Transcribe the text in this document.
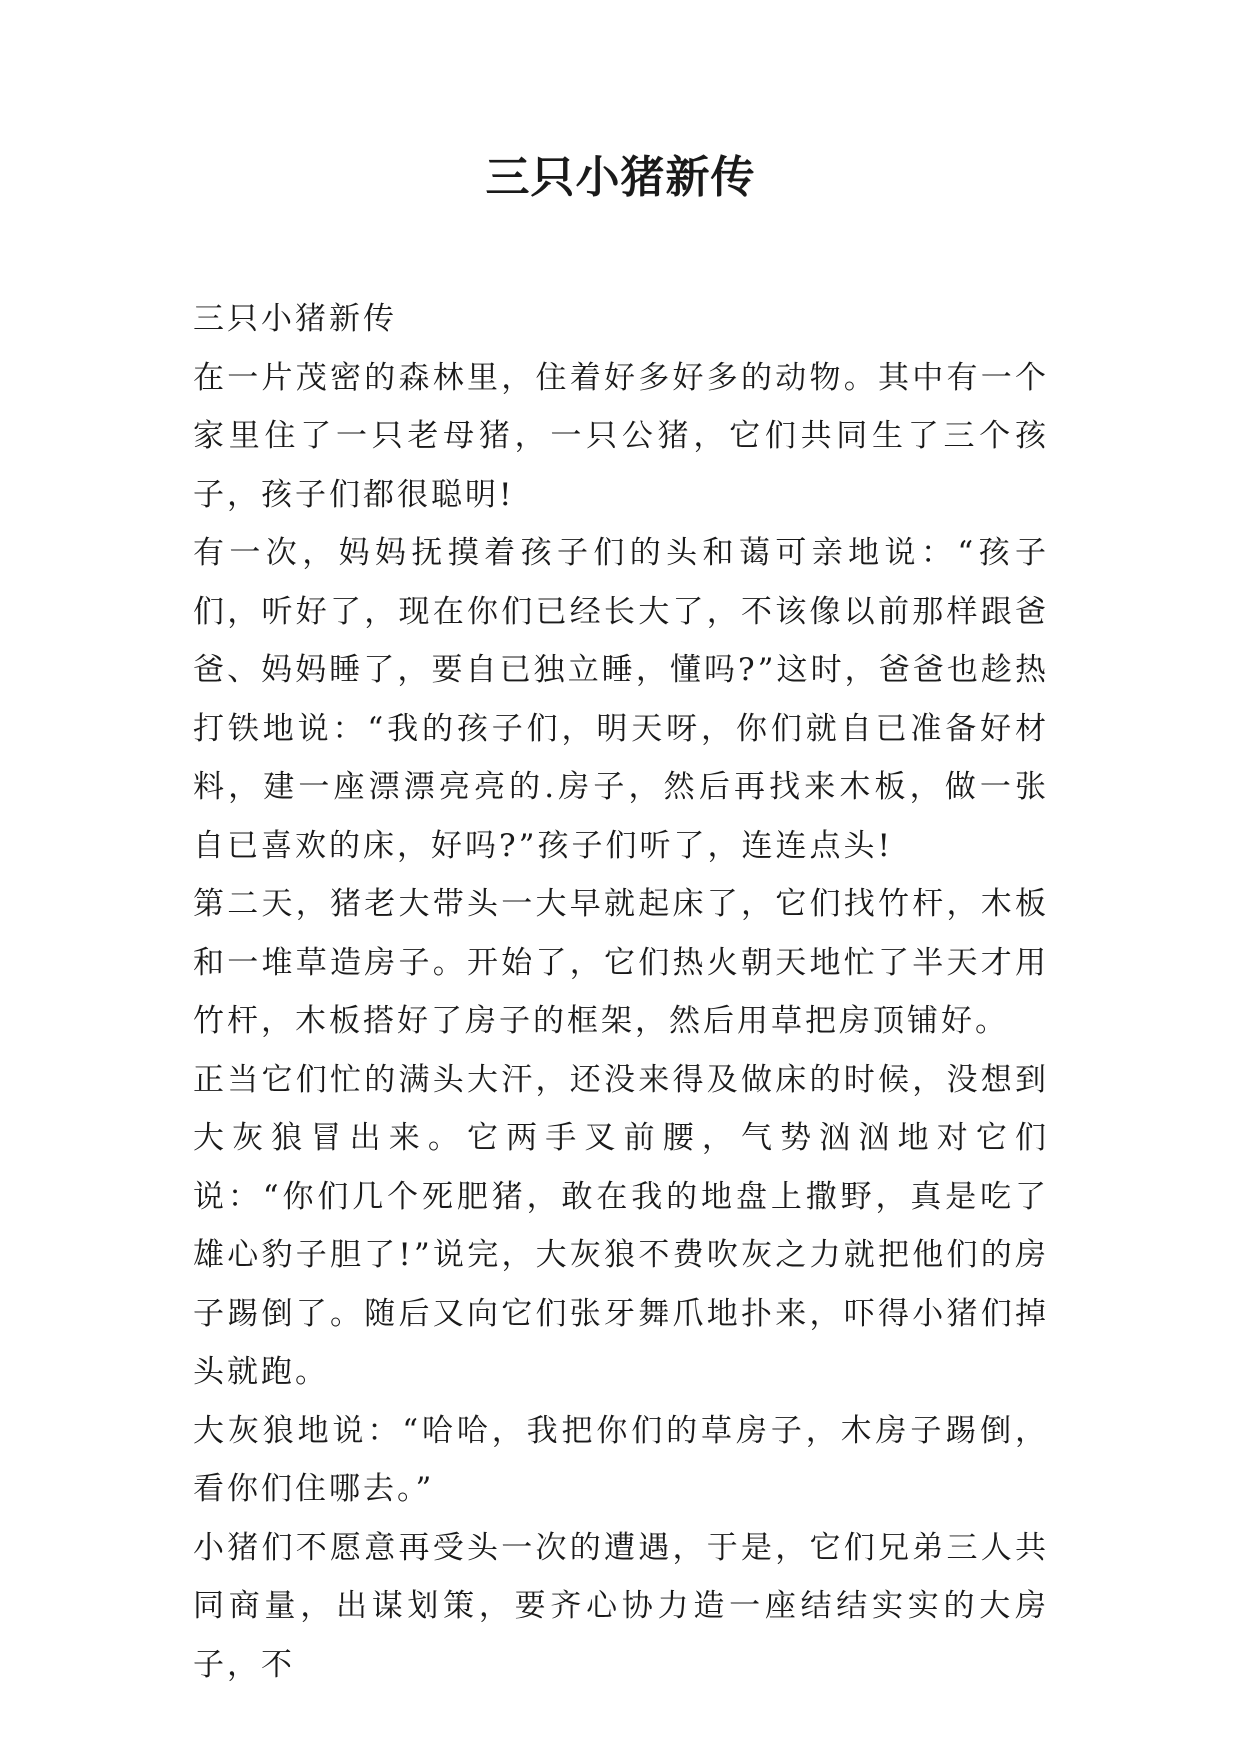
三只小猪新传

三只小猪新传

在一片茂密的森林里，住着好多好多的动物。其中有一个家里住了一只老母猪，一只公猪，它们共同生了三个孩子，孩子们都很聪明!

有一次，妈妈抚摸着孩子们的头和蔼可亲地说：“孩子们，听好了，现在你们已经长大了，不该像以前那样跟爸爸、妈妈睡了，要自已独立睡，懂吗?”这时，爸爸也趁热打铁地说：“我的孩子们，明天呀，你们就自已准备好材料，建一座漂漂亮亮的.房子，然后再找来木板，做一张自已喜欢的床，好吗?”孩子们听了，连连点头!

第二天，猪老大带头一大早就起床了，它们找竹杆，木板和一堆草造房子。开始了，它们热火朝天地忙了半天才用竹杆，木板搭好了房子的框架，然后用草把房顶铺好。

正当它们忙的满头大汗，还没来得及做床的时候，没想到大灰狼冒出来。它两手叉前腰，气势汹汹地对它们说：“你们几个死肥猪，敢在我的地盘上撒野，真是吃了雄心豹子胆了!”说完，大灰狼不费吹灰之力就把他们的房子踢倒了。随后又向它们张牙舞爪地扑来，吓得小猪们掉头就跑。

大灰狼地说：“哈哈，我把你们的草房子，木房子踢倒，看你们住哪去。”

小猪们不愿意再受头一次的遭遇，于是，它们兄弟三人共同商量，出谋划策，要齐心协力造一座结结实实的大房子，不
